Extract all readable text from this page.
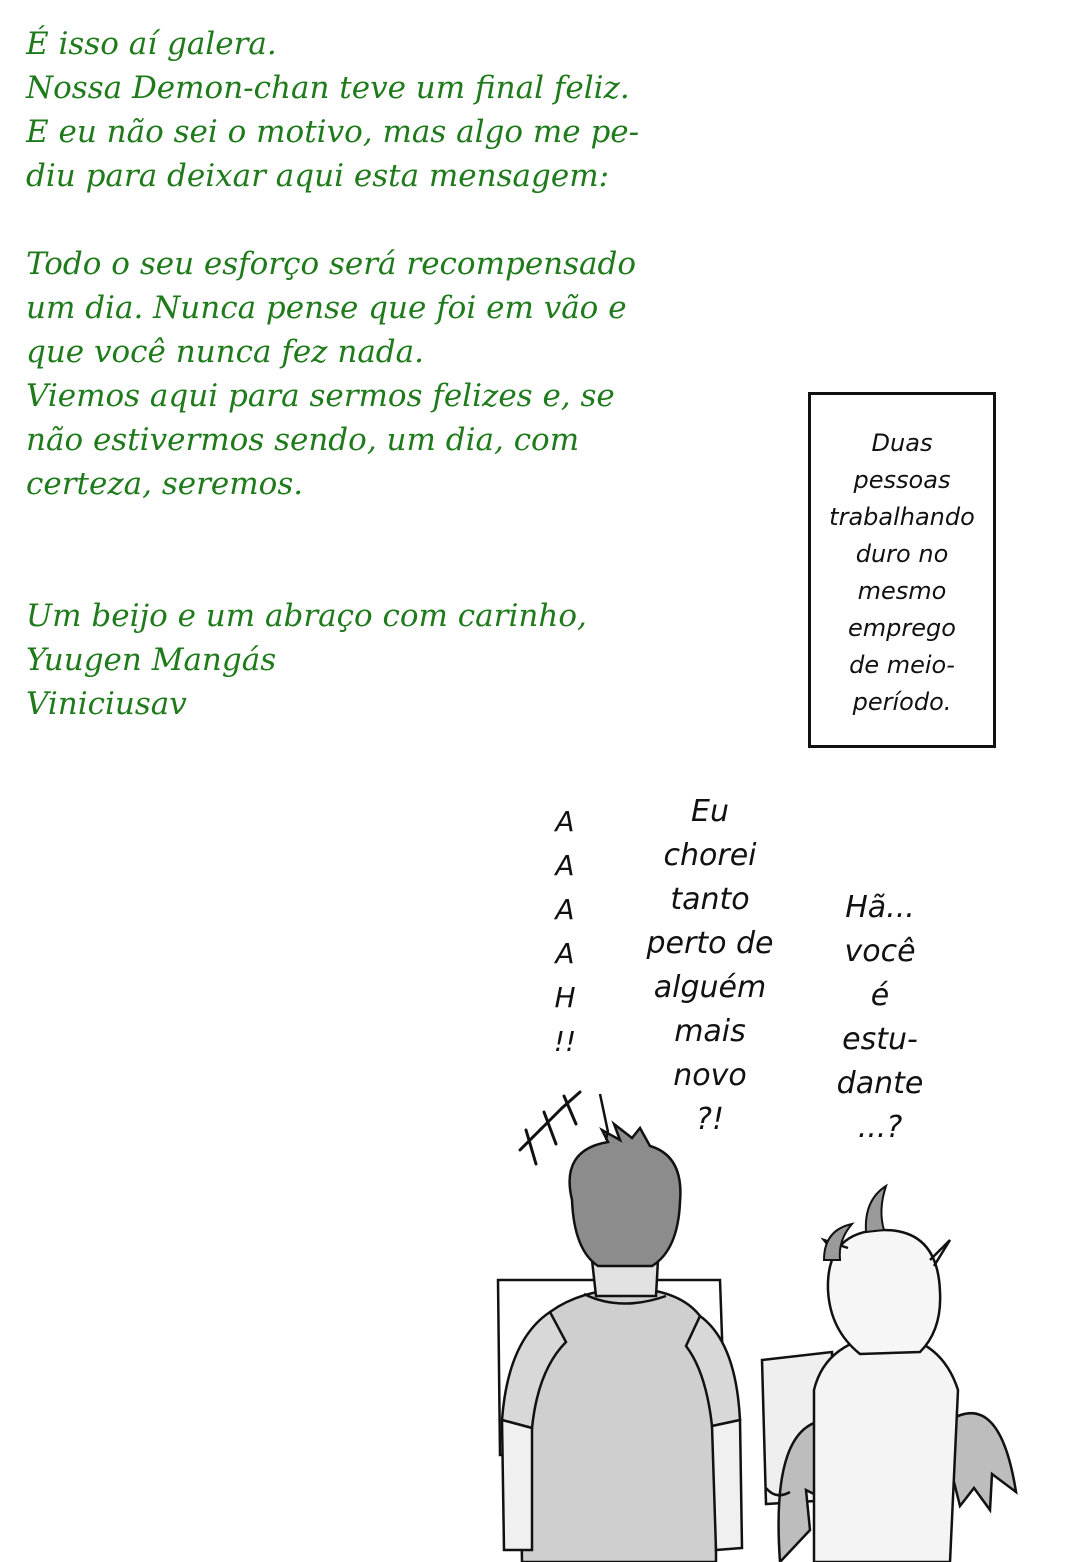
É isso aí galera.
Nossa Demon-chan teve um final feliz.
E eu não sei o motivo, mas algo me pe-
diu para deixar aqui esta mensagem:
Todo o seu esforço será recompensado
um dia. Nunca pense que foi em vão e
que você nunca fez nada.
Viemos aqui para sermos felizes e, se
não estivermos sendo, um dia, com
certeza, seremos.
Um beijo e um abraço com carinho,
Yuugen Mangás
Viniciusav
Duas
pessoas
trabalhando
duro no
mesmo
emprego
de meio-
período.
A
A
A
A
H
!!
Eu
chorei
tanto
perto de
alguém
mais
novo
?!
Hã...
você
é
estu-
dante
...?
